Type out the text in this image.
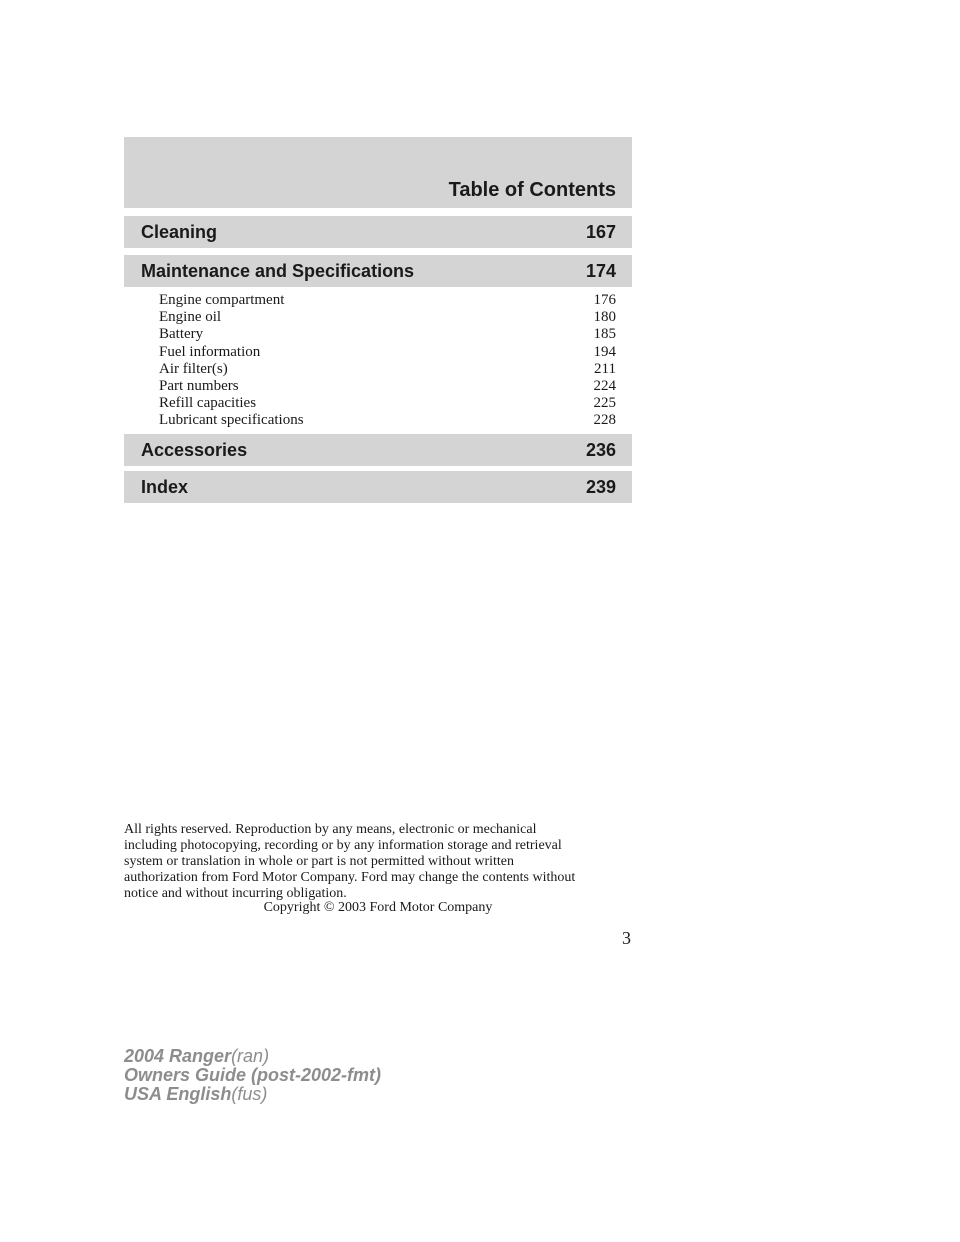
Table of Contents
Cleaning	167
Maintenance and Specifications	174
Engine compartment	176
Engine oil	180
Battery	185
Fuel information	194
Air filter(s)	211
Part numbers	224
Refill capacities	225
Lubricant specifications	228
Accessories	236
Index	239
All rights reserved. Reproduction by any means, electronic or mechanical
including photocopying, recording or by any information storage and retrieval
system or translation in whole or part is not permitted without written
authorization from Ford Motor Company. Ford may change the contents without
notice and without incurring obligation.
Copyright © 2003 Ford Motor Company
3
2004 Ranger(ran)
Owners Guide (post-2002-fmt)
USA English(fus)
